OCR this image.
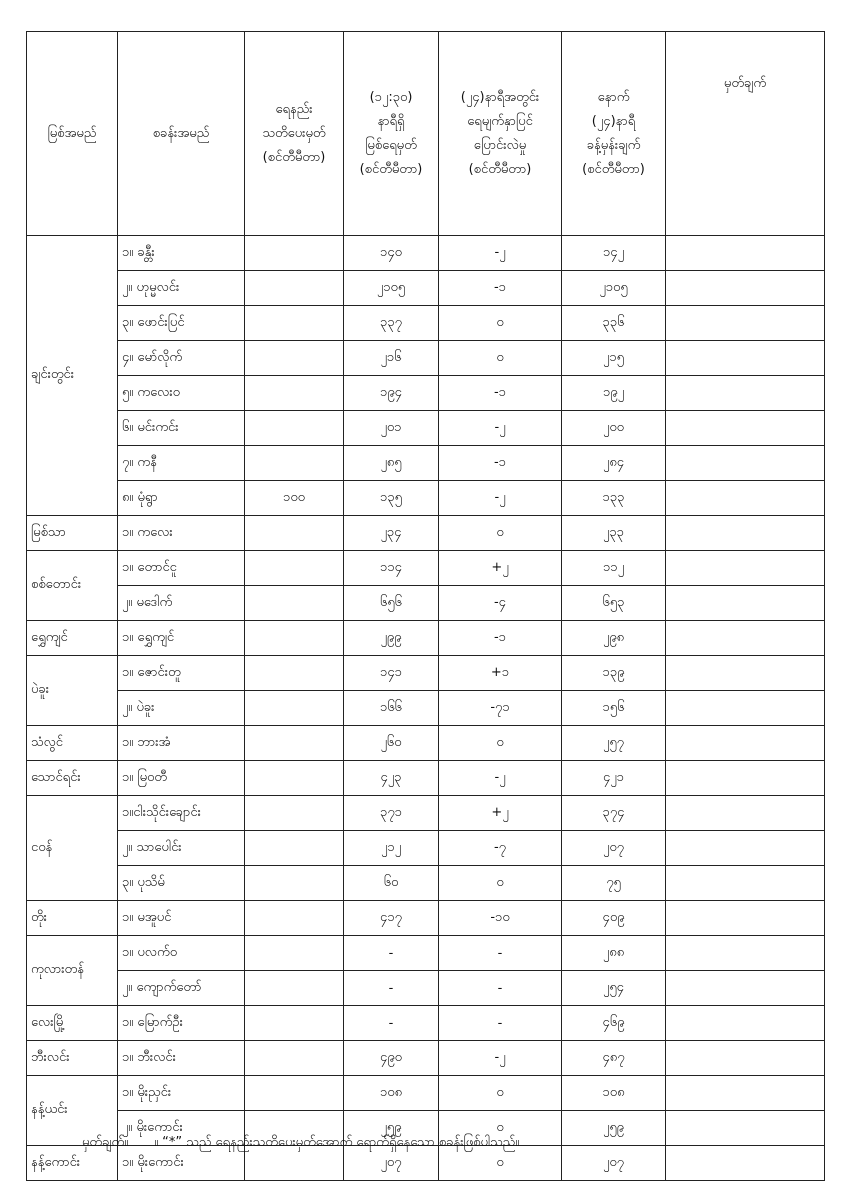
မြစ်အမည်	စခန်းအမည်	ရေနည်း
သတိပေးမှတ်
(စင်တီမီတာ)	(၁၂:၃၀)
နာရီရှိ
မြစ်ရေမှတ်
(စင်တီမီတာ)	(၂၄)နာရီအတွင်း
ရေမျက်နှာပြင်
ပြောင်းလဲမှု
(စင်တီမီတာ)	နောက်
(၂၄)နာရီ
ခန့်မှန်းချက်
(စင်တီမီတာ)	မှတ်ချက်
ချင်းတွင်း	၁။ ခန္တီး		၁၄၀	-၂	၁၄၂	
	၂။ ဟုမ္မလင်း		၂၁၀၅	-၁	၂၁၀၅	
	၃။ ဖောင်းပြင်		၃၃၇	၀	၃၃၆	
	၄။ မော်လိုက်		၂၁၆	၀	၂၁၅	
	၅။ ကလေးဝ		၁၉၄	-၁	၁၉၂	
	၆။ မင်းကင်း		၂၀၁	-၂	၂၀၀	
	၇။ ကနီ		၂၈၅	-၁	၂၈၄	
	၈။ မုံရွာ	၁၀၀	၁၃၅	-၂	၁၃၃	
မြစ်သာ	၁။ ကလေး		၂၃၄	၀	၂၃၃	
စစ်တောင်း	၁။ တောင်ငူ		၁၁၄	+၂	၁၁၂	
	၂။ မဒေါက်		၆၅၆	-၄	၆၅၃	
ရွှေကျင်	၁။ ရွှေကျင်		၂၉၉	-၁	၂၉၈	
ပဲခူး	၁။ ဇောင်းတူ		၁၄၁	+၁	၁၃၉	
	၂။ ပဲခူး		၁၆၆	-၇၁	၁၅၆	
သံလွင်	၁။ ဘားအံ		၂၆၀	၀	၂၅၇	
သောင်ရင်း	၁။ မြဝတီ		၄၂၃	-၂	၄၂၁	
ငဝန်	၁။ငါးသိုင်းချောင်း		၃၇၁	+၂	၃၇၄	
	၂။ သာပေါင်း		၂၁၂	-၇	၂၀၇	
	၃။ ပုသိမ်		၆၀	၀	၇၅	
တိုး	၁။ မအူပင်		၄၁၇	-၁၀	၄၀၉	
ကုလားတန်	၁။ ပလက်ဝ		-	-	၂၈၈	
	၂။ ကျောက်တော်		-	-	၂၅၄	
လေးမြို့	၁။ မြောက်ဦး		-	-	၄၆၉	
ဘီးလင်း	၁။ ဘီးလင်း		၄၉၀	-၂	၄၈၇	
နန့်ယင်း	၁။ မိုးညှင်း		၁၀၈	၀	၁၀၈	
	၂။ မိုးကောင်း		၂၅၉	၀	၂၅၉	
နန့်ကောင်း	၁။ မိုးကောင်း		၂၀၇	၀	၂၀၇	
မှတ်ချက်။ ။ “*” သည် ရေနည်းသတိပေးမှတ်အောက် ရောက်ရှိနေသော စခန်းဖြစ်ပါသည်။
